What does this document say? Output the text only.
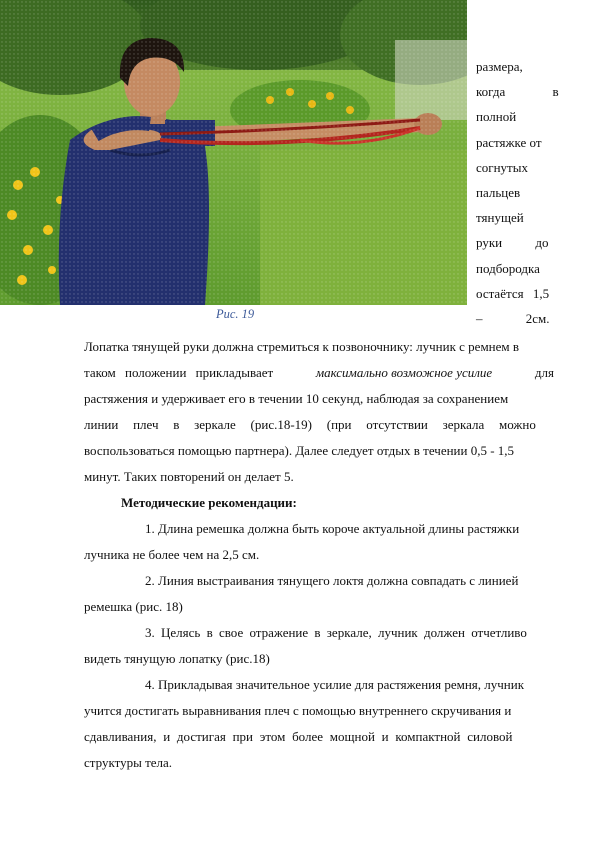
Рис. 19
размера,
когда в
полной
растяжке от
согнутых
пальцев
тянущей
руки до
подбородка
остаётся 1,5
– 2см.
Лопатка тянущей руки должна стремиться к позвоночнику: лучник с ремнем в
таком положении прикладывает	максимально возможное усилие	для
растяжения и удерживает его в течении 10 секунд, наблюдая за сохранением
линии плеч в зеркале (рис.18-19) (при отсутствии зеркала можно
воспользоваться помощью партнера). Далее следует отдых в течении 0,5 - 1,5
минут. Таких повторений он делает 5.
Методические рекомендации:
1. Длина ремешка должна быть короче актуальной длины растяжки
лучника не более чем на 2,5 см.
2. Линия выстраивания тянущего локтя должна совпадать с линией
ремешка (рис. 18)
3. Целясь в свое отражение в зеркале, лучник должен отчетливо
видеть тянущую лопатку (рис.18)
4. Прикладывая значительное усилие для растяжения ремня, лучник
учится достигать выравнивания плеч с помощью внутреннего скручивания и
сдавливания, и достигая при этом более мощной и компактной силовой
структуры тела.
